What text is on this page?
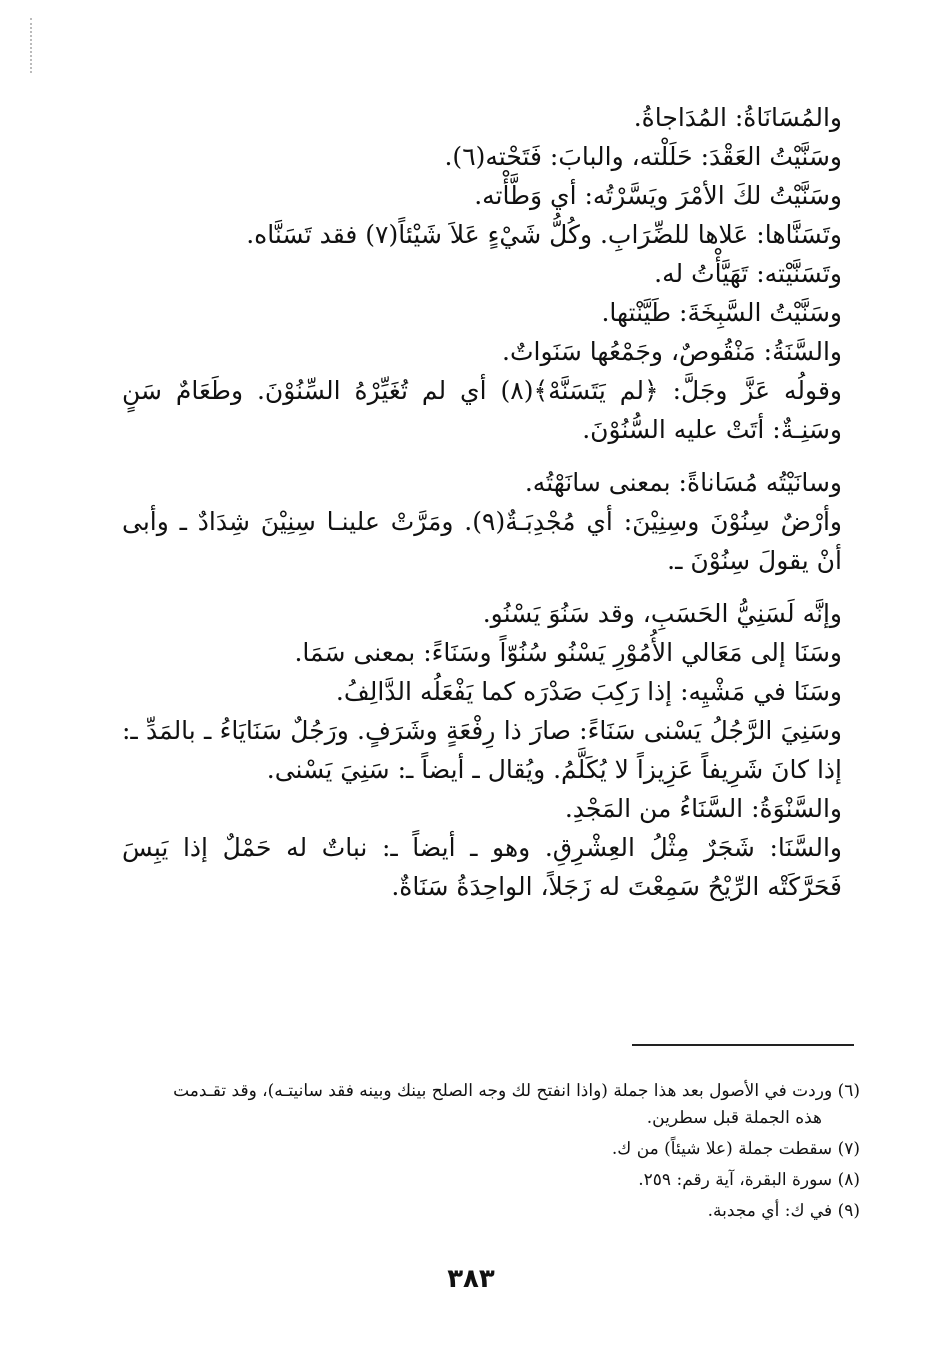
والمُسَانَاةُ: المُدَاجاةُ.

وسَنَّيْتُ العَقْدَ: حَلَلْته، والبابَ: فَتَحْته(٦).

وسَنَّيْتُ لكَ الأمْرَ ويَسَّرْتُه: أي وَطَّأْته.

وتَسَنَّاها: عَلاها للضِّرَابِ. وكُلُّ شَيْءٍ عَلاَ شَيْئاً(٧) فقد تَسَنَّاه.

وتَسَنَّيْته: تَهَيَّأْتُ له.

وسَنَّيْتُ السَّبِخَةَ: طَيَّنْتها.

والسَّنَةُ: مَنْقُوصٌ، وجَمْعُها سَنَواتٌ.

وقولُه عَزَّ وجَلَّ: ﴿لم يَتَسَنَّهْ﴾(٨) أي لم تُغَيِّرْهُ السِّنُوْنَ. وطَعَامٌ سَنٍ وسَنِـةٌ: أتَتْ عليه السُّنُوْنَ.

وسانَيْتُه مُسَاناةً: بمعنى سانَهْتُه.

وأرْضٌ سِنُوْنَ وسِنِيْنَ: أي مُجْدِبَـةٌ(٩). ومَرَّتْ علينـا سِنِيْنَ شِدَادٌ ـ وأبى أنْ يقولَ سِنُوْنَ ـ.

وإنَّه لَسَنِيُّ الحَسَبِ، وقد سَنُوَ يَسْنُو.

وسَنَا إلى مَعَالي الأُمُوْرِ يَسْنُو سُنُوّاً وسَنَاءً: بمعنى سَمَا.

وسَنَا في مَشْيِه: إذا رَكِبَ صَدْرَه كما يَفْعَلُه الدَّالِفُ.

وسَنِيَ الرَّجُلُ يَسْنى سَنَاءً: صارَ ذا رِفْعَةٍ وشَرَفٍ. ورَجُلٌ سَنَايَاءُ ـ بالمَدِّ ـ: إذا كانَ شَرِيفاً عَزِيزاً لا يُكَلَّمُ. ويُقال ـ أيضاً ـ: سَنِيَ يَسْنى.

والسَّنْوَةُ: السَّنَاءُ من المَجْدِ.

والسَّنَا: شَجَرٌ مِثْلُ العِشْرِقِ. وهو ـ أيضاً ـ: نباتٌ له حَمْلٌ إذا يَبِسَ فَحَرَّكَتْه الرِّيْحُ سَمِعْتَ له زَجَلاً، الواحِدَةُ سَنَاةٌ.

(٦) وردت في الأصول بعد هذا جملة (واذا انفتح لك وجه الصلح بينك وبينه فقد سانيتـه)، وقد تقـدمت
هذه الجملة قبل سطرين.

(٧) سقطت جملة (علا شيئاً) من ك.

(٨) سورة البقرة، آية رقم: ٢٥٩.

(٩) في ك: أي مجدبة.

٣٨٣
